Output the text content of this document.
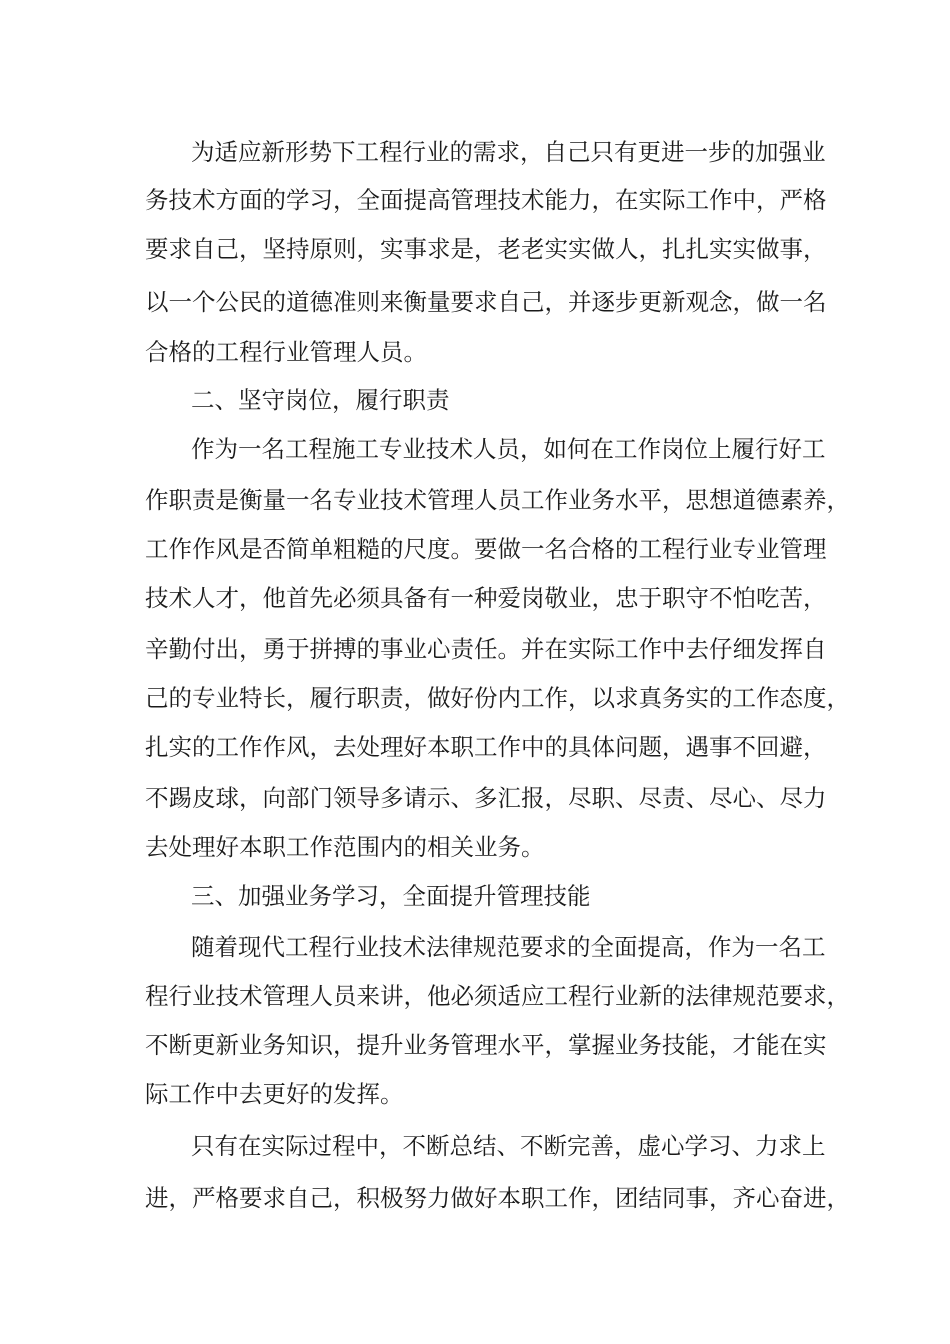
为适应新形势下工程行业的需求，自己只有更进一步的加强业
务技术方面的学习，全面提高管理技术能力，在实际工作中，严格
要求自己，坚持原则，实事求是，老老实实做人，扎扎实实做事，
以一个公民的道德准则来衡量要求自己，并逐步更新观念，做一名
合格的工程行业管理人员。
二、坚守岗位，履行职责
作为一名工程施工专业技术人员，如何在工作岗位上履行好工
作职责是衡量一名专业技术管理人员工作业务水平，思想道德素养，
工作作风是否简单粗糙的尺度。要做一名合格的工程行业专业管理
技术人才，他首先必须具备有一种爱岗敬业，忠于职守不怕吃苦，
辛勤付出，勇于拼搏的事业心责任。并在实际工作中去仔细发挥自
己的专业特长，履行职责，做好份内工作，以求真务实的工作态度，
扎实的工作作风，去处理好本职工作中的具体问题，遇事不回避，
不踢皮球，向部门领导多请示、多汇报，尽职、尽责、尽心、尽力
去处理好本职工作范围内的相关业务。
三、加强业务学习，全面提升管理技能
随着现代工程行业技术法律规范要求的全面提高，作为一名工
程行业技术管理人员来讲，他必须适应工程行业新的法律规范要求，
不断更新业务知识，提升业务管理水平，掌握业务技能，才能在实
际工作中去更好的发挥。
只有在实际过程中，不断总结、不断完善，虚心学习、力求上
进，严格要求自己，积极努力做好本职工作，团结同事，齐心奋进，
